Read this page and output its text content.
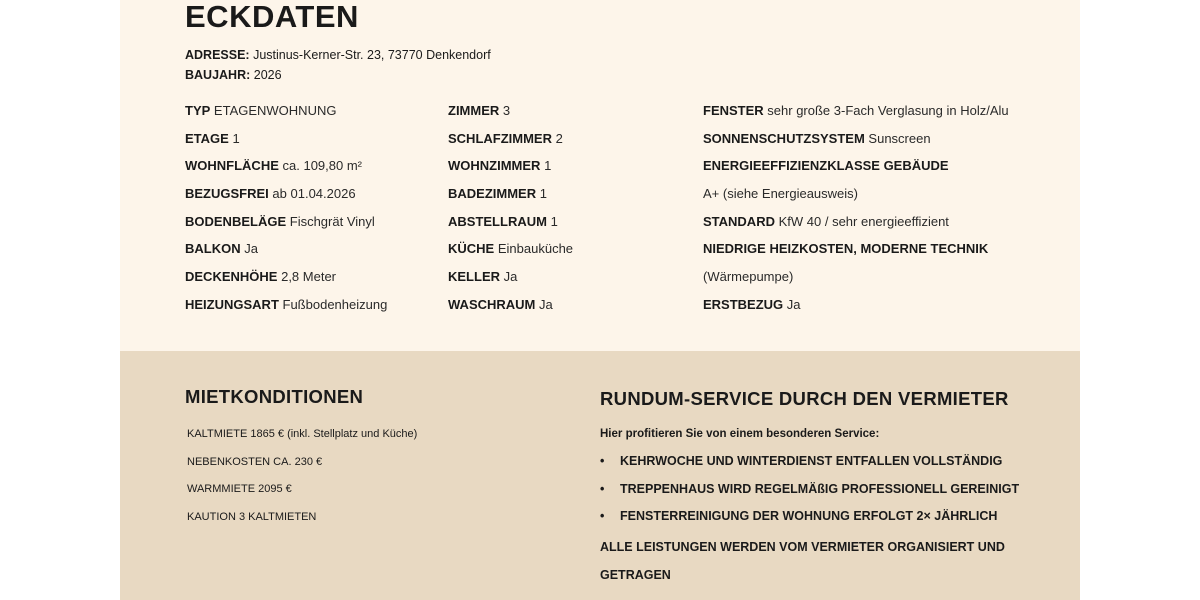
ECKDATEN
ADRESSE: Justinus-Kerner-Str. 23, 73770 Denkendorf
BAUJAHR: 2026
TYP ETAGENWOHNUNG
ETAGE 1
WOHNFLÄCHE ca. 109,80 m²
BEZUGSFREI ab 01.04.2026
BODENBELÄGE Fischgrät Vinyl
BALKON Ja
DECKENHÖHE 2,8 Meter
HEIZUNGSART Fußbodenheizung
ZIMMER 3
SCHLAFZIMMER 2
WOHNZIMMER 1
BADEZIMMER 1
ABSTELLRAUM 1
KÜCHE Einbauküche
KELLER Ja
WASCHRAUM Ja
FENSTER sehr große 3-Fach Verglasung in Holz/Alu
SONNENSCHUTZSYSTEM Sunscreen
ENERGIEEFFIZIENZKLASSE GEBÄUDE
A+ (siehe Energieausweis)
STANDARD KfW 40 / sehr energieeffizient
NIEDRIGE HEIZKOSTEN, MODERNE TECHNIK
(Wärmepumpe)
ERSTBEZUG Ja
MIETKONDITIONEN
KALTMIETE 1865 € (inkl. Stellplatz und Küche)
NEBENKOSTEN CA. 230 €
WARMMIETE 2095 €
KAUTION 3 KALTMIETEN
RUNDUM-SERVICE DURCH DEN VERMIETER
Hier profitieren Sie von einem besonderen Service:
• KEHRWOCHE UND WINTERDIENST ENTFALLEN VOLLSTÄNDIG
• TREPPENHAUS WIRD REGELMÄßIG PROFESSIONELL GEREINIGT
• FENSTERREINIGUNG DER WOHNUNG ERFOLGT 2× JÄHRLICH
ALLE LEISTUNGEN WERDEN VOM VERMIETER ORGANISIERT UND GETRAGEN
